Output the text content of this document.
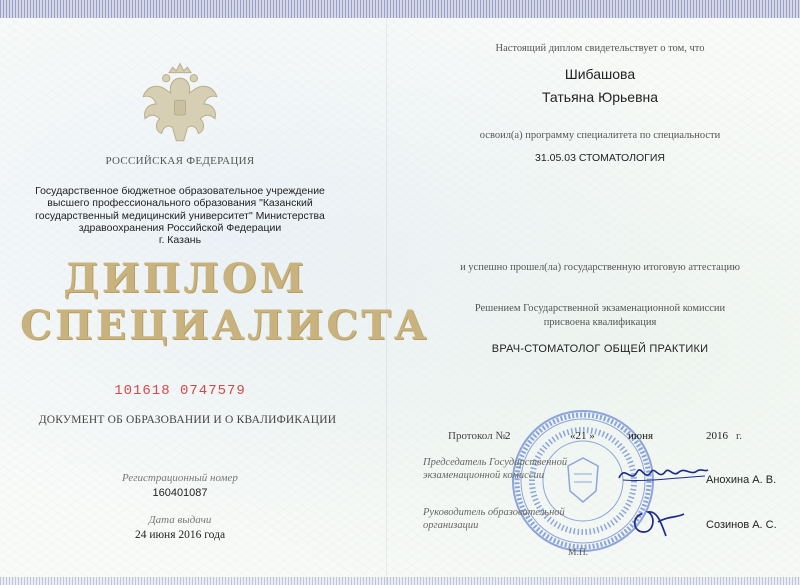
РОССИЙСКАЯ ФЕДЕРАЦИЯ
Государственное бюджетное образовательное учреждение
высшего профессионального образования "Казанский
государственный медицинский университет" Министерства
здравоохранения Российской Федерации
г. Казань
ДИПЛОМ
СПЕЦИАЛИСТА
101618 0747579
ДОКУМЕНТ ОБ ОБРАЗОВАНИИ И О КВАЛИФИКАЦИИ
Регистрационный номер
160401087
Дата выдачи
24 июня 2016 года
Настоящий диплом свидетельствует о том, что
Шибашова
Татьяна Юрьевна
освоил(а) программу специалитета по специальности
31.05.03 СТОМАТОЛОГИЯ
и успешно прошел(ла) государственную итоговую аттестацию
Решением Государственной экзаменационной комиссии
присвоена квалификация
ВРАЧ-СТОМАТОЛОГ ОБЩЕЙ ПРАКТИКИ
Протокол № 2	«21 »	июня	2016 г.
Председатель Государственной экзаменационной комиссии	Анохина А. В.
Руководитель образовательной организации	Созинов А. С.
М.П.
